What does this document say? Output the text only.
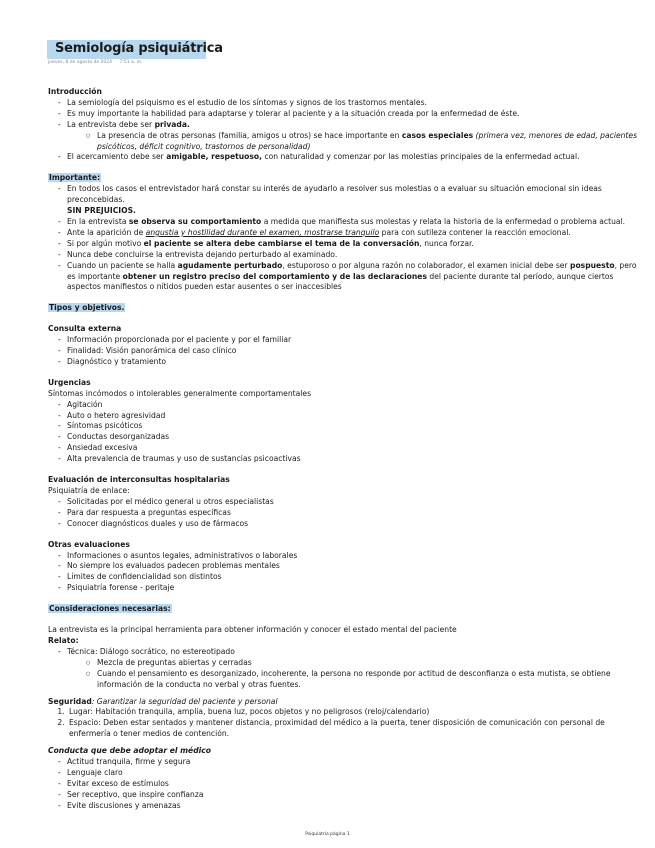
Semiología psiquiátrica
jueves, 8 de agosto de 2024 7:51 a. m.

Introducción

- La semiología del psiquismo es el estudio de los síntomas y signos de los trastornos mentales.
- Es muy importante la habilidad para adaptarse y tolerar al paciente y a la situación creada por la enfermedad de éste.
- La entrevista debe ser privada.
○ La presencia de otras personas (familia, amigos u otros) se hace importante en casos especiales (primera vez, menores de edad, pacientes psicóticos, déficit cognitivo, trastornos de personalidad)
- El acercamiento debe ser amigable, respetuoso, con naturalidad y comenzar por las molestias principales de la enfermedad actual.

Importante:

- En todos los casos el entrevistador hará constar su interés de ayudarlo a resolver sus molestias o a evaluar su situación emocional sin ideas preconcebidas.
SIN PREJUICIOS.
- En la entrevista se observa su comportamiento a medida que manifiesta sus molestas y relata la historia de la enfermedad o problema actual.
- Ante la aparición de angustia y hostilidad durante el examen, mostrarse tranquilo para con sutileza contener la reacción emocional.
- Si por algún motivo el paciente se altera debe cambiarse el tema de la conversación, nunca forzar.
- Nunca debe concluirse la entrevista dejando perturbado al examinado.
- Cuando un paciente se halla agudamente perturbado, estuporoso o por alguna razón no colaborador, el examen inicial debe ser pospuesto, pero es importante obtener un registro preciso del comportamiento y de las declaraciones del paciente durante tal período, aunque ciertos aspectos manifiestos o nítidos pueden estar ausentes o ser inaccesibles

Tipos y objetivos.

Consulta externa

- Información proporcionada por el paciente y por el familiar
- Finalidad: Visión panorámica del caso clínico
- Diagnóstico y tratamiento

Urgencias

Síntomas incómodos o intolerables generalmente comportamentales

- Agitación
- Auto o hetero agresividad
- Síntomas psicóticos
- Conductas desorganizadas
- Ansiedad excesiva
- Alta prevalencia de traumas y uso de sustancias psicoactivas

Evaluación de interconsultas hospitalarias

Psiquiatría de enlace:

- Solicitadas por el médico general u otros especialistas
- Para dar respuesta a preguntas específicas
- Conocer diagnósticos duales y uso de fármacos

Otras evaluaciones

- Informaciones o asuntos legales, administrativos o laborales
- No siempre los evaluados padecen problemas mentales
- Límites de confidencialidad son distintos
- Psiquiatría forense - peritaje

Consideraciones necesarias:

La entrevista es la principal herramienta para obtener información y conocer el estado mental del paciente

Relato:

- Técnica: Diálogo socrático, no estereotipado
○ Mezcla de preguntas abiertas y cerradas
○ Cuando el pensamiento es desorganizado, incoherente, la persona no responde por actitud de desconfianza o esta mutista, se obtiene información de la conducta no verbal y otras fuentes.

Seguridad: Garantizar la seguridad del paciente y personal

1. Lugar: Habitación tranquila, amplia, buena luz, pocos objetos y no peligrosos (reloj/calendario)
2. Espacio: Deben estar sentados y mantener distancia, proximidad del médico a la puerta, tener disposición de comunicación con personal de enfermería o tener medios de contención.

Conducta que debe adoptar el médico

- Actitud tranquila, firme y segura
- Lenguaje claro
- Evitar exceso de estímulos
- Ser receptivo, que inspire confianza
- Evite discusiones y amenazas
Psiquiatría página 1
